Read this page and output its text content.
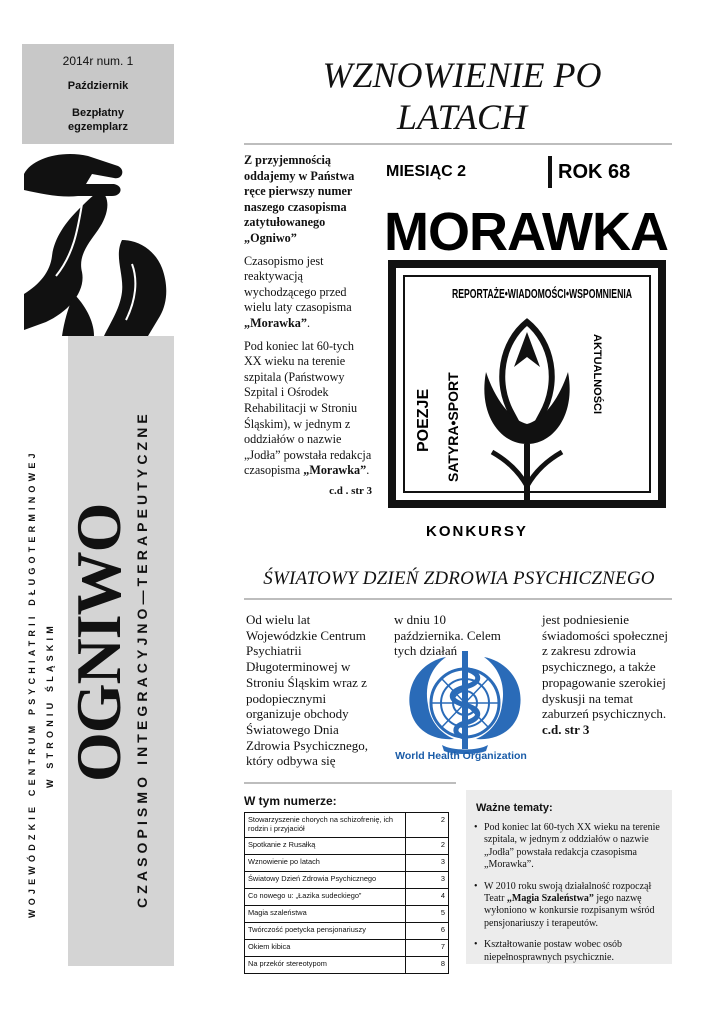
2014r num. 1
Październik
Bezpłatny egzemplarz
WOJEWÓDZKIE CENTRUM PSYCHIATRII DŁUGOTERMINOWEJ W STRONIU ŚLĄSKIM OGNIWO CZASOPISMO INTEGRACYJNO—TERAPEUTYCZNE
WZNOWIENIE PO LATACH

Z przyjemnością oddajemy w Państwa ręce pierwszy numer naszego czasopisma zatytułowanego „Ogniwo”

Czasopismo jest reaktywacją wychodzącego przed wielu laty czasopisma „Morawka”.

Pod koniec lat 60-tych XX wieku na terenie szpitala (Państwowy Szpital i Ośrodek Rehabilitacji w Stroniu Śląskim), w jednym z oddziałów o nazwie „Jodła” powstała redakcja czasopisma „Morawka”.

c.d . str 3
MIESIĄC 2	ROK 68
MORAWKA
REPORTAŻE•WIADOMOŚCI•WSPOMNIENIA
AKTUALNOŚCI
POEZJE SATYRA•SPORT
KONKURSY
ŚWIATOWY DZIEŃ ZDROWIA PSYCHICZNEGO
Od wielu lat Wojewódzkie Centrum Psychiatrii Długoterminowej w Stroniu Śląskim wraz z podopiecznymi organizuje obchody Światowego Dnia Zdrowia Psychicznego, który odbywa się
w dniu 10 października. Celem tych działań
jest podniesienie świadomości społecznej z zakresu zdrowia psychicznego, a także propagowanie szerokiej dyskusji na temat zaburzeń psychicznych.
c.d. str 3
World Health Organization
W tym numerze:
Stowarzyszenie chorych na schizofrenię, ich rodzin i przyjaciół	2
Spotkanie z Rusałką	2
Wznowienie po latach	3
Światowy Dzień Zdrowia Psychicznego	3
Co nowego u: „Łazika sudeckiego”	4
Magia szaleństwa	5
Twórczość poetycka pensjonariuszy	6
Okiem kibica	7
Na przekór stereotypom	8
Ważne tematy:
• Pod koniec lat 60-tych XX wieku na terenie szpitala, w jednym z oddziałów o nazwie „Jodła” powstała redakcja czasopisma „Morawka”.
• W 2010 roku swoją działalność rozpoczął Teatr „Magia Szaleństwa” jego nazwę wyłoniono w konkursie rozpisanym wśród pensjonariuszy i terapeutów.
• Kształtowanie postaw wobec osób niepełnosprawnych psychicznie.
